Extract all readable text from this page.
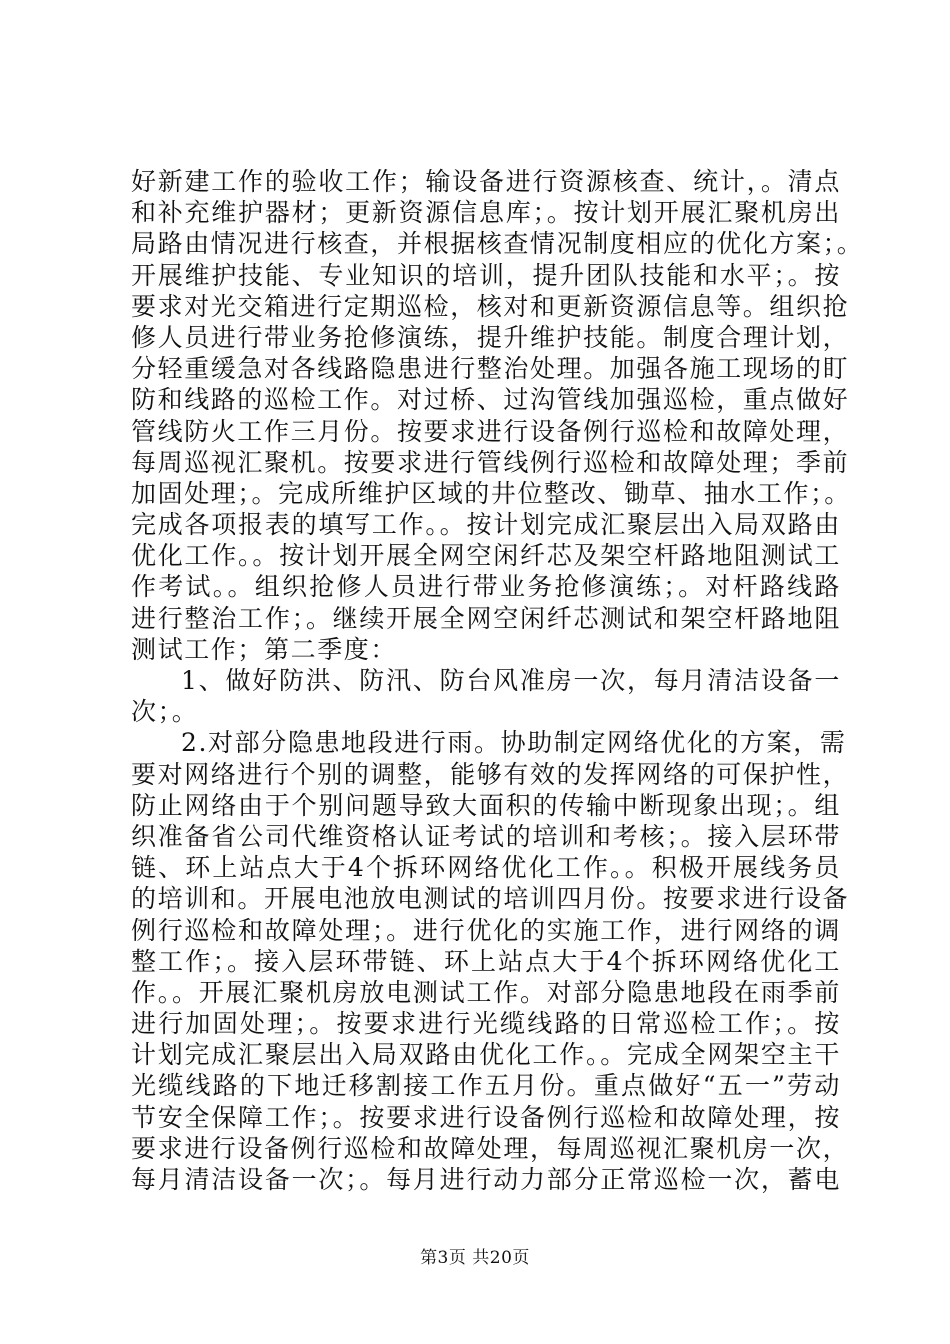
好新建工作的验收工作；输设备进行资源核查、统计，。清点
和补充维护器材；更新资源信息库；。按计划开展汇聚机房出
局路由情况进行核查，并根据核查情况制度相应的优化方案；。
开展维护技能、专业知识的培训，提升团队技能和水平；。按
要求对光交箱进行定期巡检，核对和更新资源信息等。组织抢
修人员进行带业务抢修演练，提升维护技能。制度合理计划，
分轻重缓急对各线路隐患进行整治处理。加强各施工现场的盯
防和线路的巡检工作。对过桥、过沟管线加强巡检，重点做好
管线防火工作三月份。按要求进行设备例行巡检和故障处理，
每周巡视汇聚机。按要求进行管线例行巡检和故障处理；季前
加固处理；。完成所维护区域的井位整改、锄草、抽水工作；。
完成各项报表的填写工作。。按计划完成汇聚层出入局双路由
优化工作。。按计划开展全网空闲纤芯及架空杆路地阻测试工
作考试。。组织抢修人员进行带业务抢修演练；。对杆路线路
进行整治工作；。继续开展全网空闲纤芯测试和架空杆路地阻
测试工作；第二季度：
1、做好防洪、防汛、防台风准房一次，每月清洁设备一
次；。
2.对部分隐患地段进行雨。协助制定网络优化的方案，需
要对网络进行个别的调整，能够有效的发挥网络的可保护性，
防止网络由于个别问题导致大面积的传输中断现象出现；。组
织准备省公司代维资格认证考试的培训和考核；。接入层环带
链、环上站点大于4个拆环网络优化工作。。积极开展线务员
的培训和。开展电池放电测试的培训四月份。按要求进行设备
例行巡检和故障处理；。进行优化的实施工作，进行网络的调
整工作；。接入层环带链、环上站点大于4个拆环网络优化工
作。。开展汇聚机房放电测试工作。对部分隐患地段在雨季前
进行加固处理；。按要求进行光缆线路的日常巡检工作；。按
计划完成汇聚层出入局双路由优化工作。。完成全网架空主干
光缆线路的下地迁移割接工作五月份。重点做好“五一”劳动
节安全保障工作；。按要求进行设备例行巡检和故障处理，按
要求进行设备例行巡检和故障处理，每周巡视汇聚机房一次，
每月清洁设备一次；。每月进行动力部分正常巡检一次，蓄电
第3页 共20页
